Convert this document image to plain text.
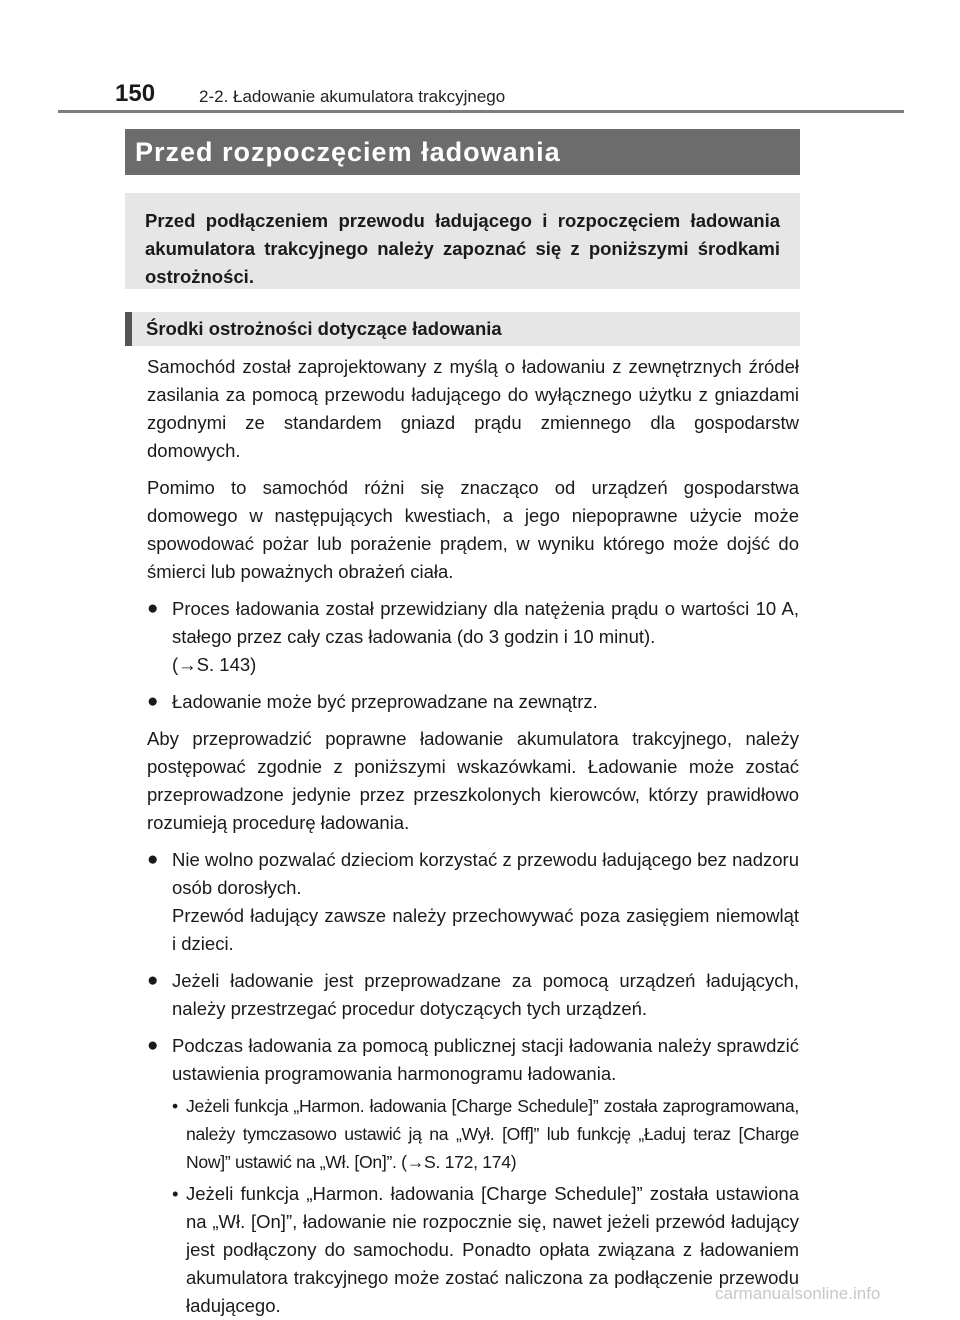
150	2-2. Ładowanie akumulatora trakcyjnego
Przed rozpoczęciem ładowania

Przed podłączeniem przewodu ładującego i rozpoczęciem ładowania akumulatora trakcyjnego należy zapoznać się z poniższymi środkami ostrożności.

Środki ostrożności dotyczące ładowania

Samochód został zaprojektowany z myślą o ładowaniu z zewnętrznych źródeł zasilania za pomocą przewodu ładującego do wyłącznego użytku z gniazdami zgodnymi ze standardem gniazd prądu zmiennego dla gospodarstw domowych.

Pomimo to samochód różni się znacząco od urządzeń gospodarstwa domowego w następujących kwestiach, a jego niepoprawne użycie może spowodować pożar lub porażenie prądem, w wyniku którego może dojść do śmierci lub poważnych obrażeń ciała.

● Proces ładowania został przewidziany dla natężenia prądu o wartości 10 A, stałego przez cały czas ładowania (do 3 godzin i 10 minut).
(→S. 143)
● Ładowanie może być przeprowadzane na zewnątrz.

Aby przeprowadzić poprawne ładowanie akumulatora trakcyjnego, należy postępować zgodnie z poniższymi wskazówkami. Ładowanie może zostać przeprowadzone jedynie przez przeszkolonych kierowców, którzy prawidłowo rozumieją procedurę ładowania.

● Nie wolno pozwalać dzieciom korzystać z przewodu ładującego bez nadzoru osób dorosłych.
Przewód ładujący zawsze należy przechowywać poza zasięgiem niemowląt i dzieci.
● Jeżeli ładowanie jest przeprowadzane za pomocą urządzeń ładujących, należy przestrzegać procedur dotyczących tych urządzeń.
● Podczas ładowania za pomocą publicznej stacji ładowania należy sprawdzić ustawienia programowania harmonogramu ładowania.
• Jeżeli funkcja „Harmon. ładowania [Charge Schedule]” została zaprogramowana, należy tymczasowo ustawić ją na „Wył. [Off]” lub funkcję „Ładuj teraz [Charge Now]” ustawić na „Wł. [On]”. (→S. 172, 174)
• Jeżeli funkcja „Harmon. ładowania [Charge Schedule]” została ustawiona na „Wł. [On]”, ładowanie nie rozpocznie się, nawet jeżeli przewód ładujący jest podłączony do samochodu. Ponadto opłata związana z ładowaniem akumulatora trakcyjnego może zostać naliczona za podłączenie przewodu ładującego.
carmanualsonline.info
